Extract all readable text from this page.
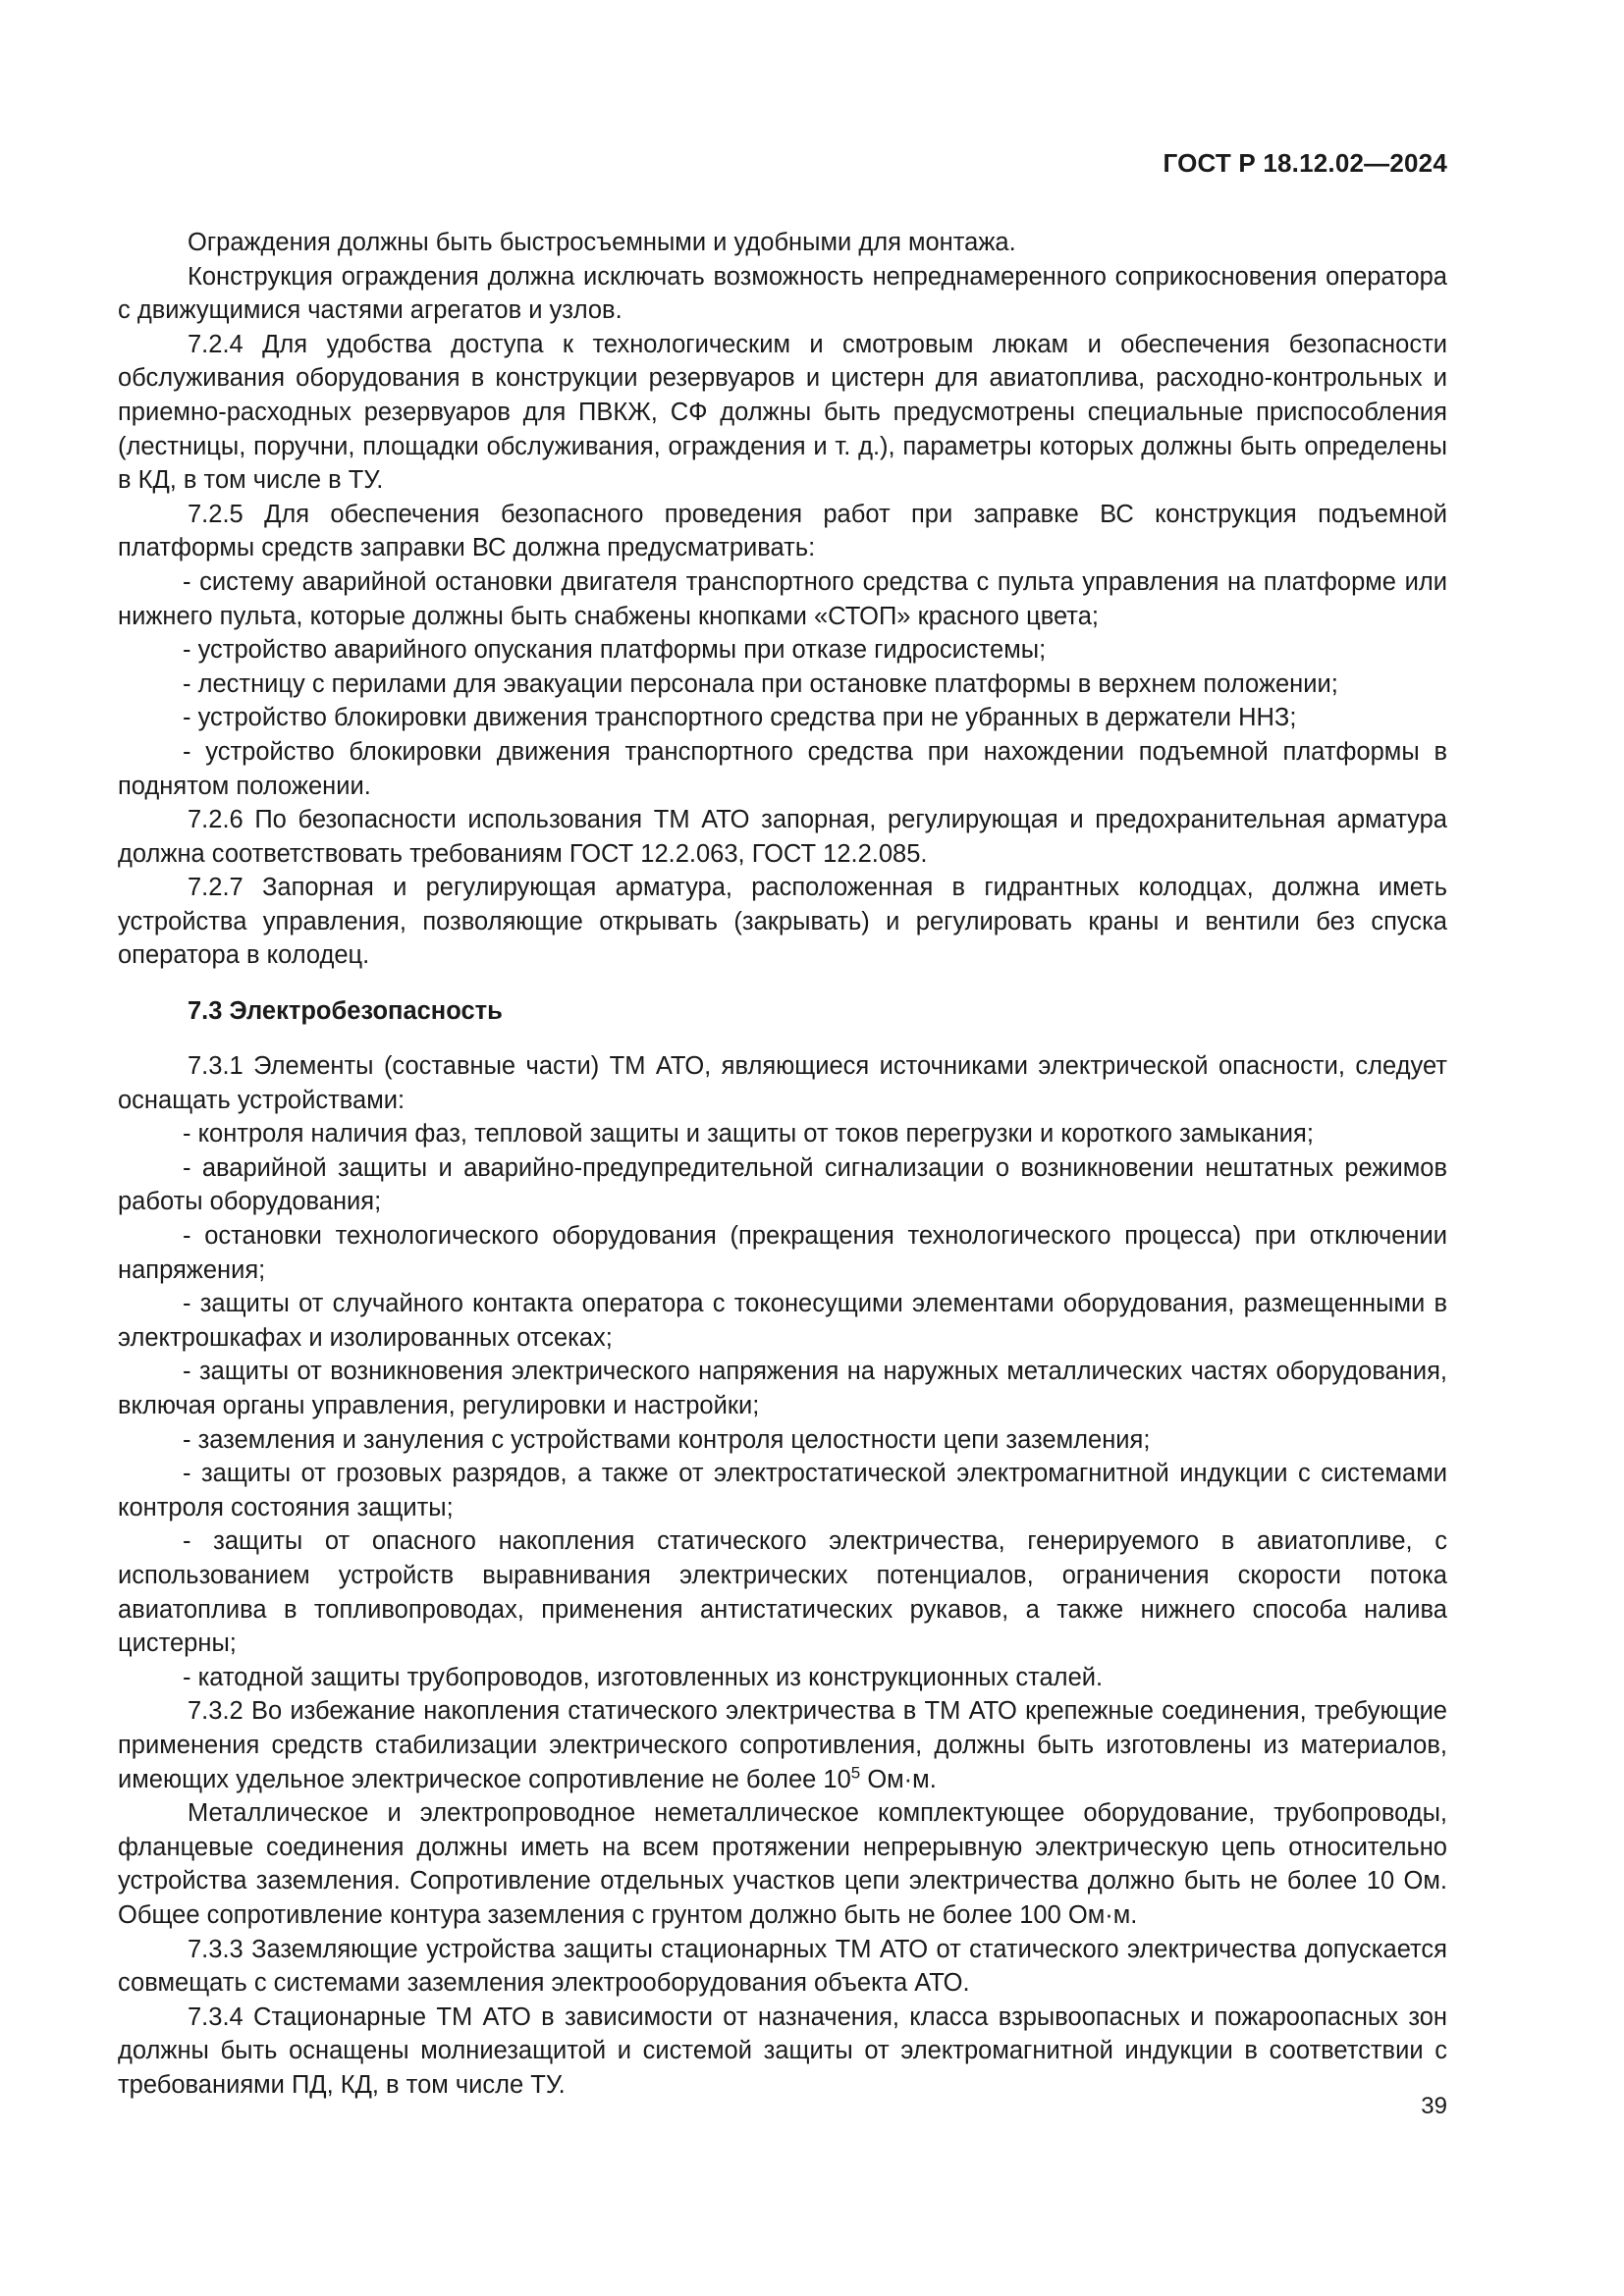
ГОСТ Р 18.12.02—2024

Ограждения должны быть быстросъемными и удобными для монтажа.

Конструкция ограждения должна исключать возможность непреднамеренного соприкосновения оператора с движущимися частями агрегатов и узлов.

7.2.4 Для удобства доступа к технологическим и смотровым люкам и обеспечения безопасности обслуживания оборудования в конструкции резервуаров и цистерн для авиатоплива, расходно-контрольных и приемно-расходных резервуаров для ПВКЖ, СФ должны быть предусмотрены специальные приспособления (лестницы, поручни, площадки обслуживания, ограждения и т. д.), параметры которых должны быть определены в КД, в том числе в ТУ.

7.2.5 Для обеспечения безопасного проведения работ при заправке ВС конструкция подъемной платформы средств заправки ВС должна предусматривать:

- систему аварийной остановки двигателя транспортного средства с пульта управления на платформе или нижнего пульта, которые должны быть снабжены кнопками «СТОП» красного цвета;

- устройство аварийного опускания платформы при отказе гидросистемы;

- лестницу с перилами для эвакуации персонала при остановке платформы в верхнем положении;

- устройство блокировки движения транспортного средства при не убранных в держатели ННЗ;

- устройство блокировки движения транспортного средства при нахождении подъемной платформы в поднятом положении.

7.2.6 По безопасности использования ТМ АТО запорная, регулирующая и предохранительная арматура должна соответствовать требованиям ГОСТ 12.2.063, ГОСТ 12.2.085.

7.2.7 Запорная и регулирующая арматура, расположенная в гидрантных колодцах, должна иметь устройства управления, позволяющие открывать (закрывать) и регулировать краны и вентили без спуска оператора в колодец.

7.3 Электробезопасность

7.3.1 Элементы (составные части) ТМ АТО, являющиеся источниками электрической опасности, следует оснащать устройствами:

- контроля наличия фаз, тепловой защиты и защиты от токов перегрузки и короткого замыкания;

- аварийной защиты и аварийно-предупредительной сигнализации о возникновении нештатных режимов работы оборудования;

- остановки технологического оборудования (прекращения технологического процесса) при отключении напряжения;

- защиты от случайного контакта оператора с токонесущими элементами оборудования, размещенными в электрошкафах и изолированных отсеках;

- защиты от возникновения электрического напряжения на наружных металлических частях оборудования, включая органы управления, регулировки и настройки;

- заземления и зануления с устройствами контроля целостности цепи заземления;

- защиты от грозовых разрядов, а также от электростатической электромагнитной индукции с системами контроля состояния защиты;

- защиты от опасного накопления статического электричества, генерируемого в авиатопливе, с использованием устройств выравнивания электрических потенциалов, ограничения скорости потока авиатоплива в топливопроводах, применения антистатических рукавов, а также нижнего способа налива цистерны;

- катодной защиты трубопроводов, изготовленных из конструкционных сталей.

7.3.2 Во избежание накопления статического электричества в ТМ АТО крепежные соединения, требующие применения средств стабилизации электрического сопротивления, должны быть изготовлены из материалов, имеющих удельное электрическое сопротивление не более $10^5$ Ом·м.

Металлическое и электропроводное неметаллическое комплектующее оборудование, трубопроводы, фланцевые соединения должны иметь на всем протяжении непрерывную электрическую цепь относительно устройства заземления. Сопротивление отдельных участков цепи электричества должно быть не более 10 Ом. Общее сопротивление контура заземления с грунтом должно быть не более 100 Ом·м.

7.3.3 Заземляющие устройства защиты стационарных ТМ АТО от статического электричества допускается совмещать с системами заземления электрооборудования объекта АТО.

7.3.4 Стационарные ТМ АТО в зависимости от назначения, класса взрывоопасных и пожароопасных зон должны быть оснащены молниезащитой и системой защиты от электромагнитной индукции в соответствии с требованиями ПД, КД, в том числе ТУ.

39
